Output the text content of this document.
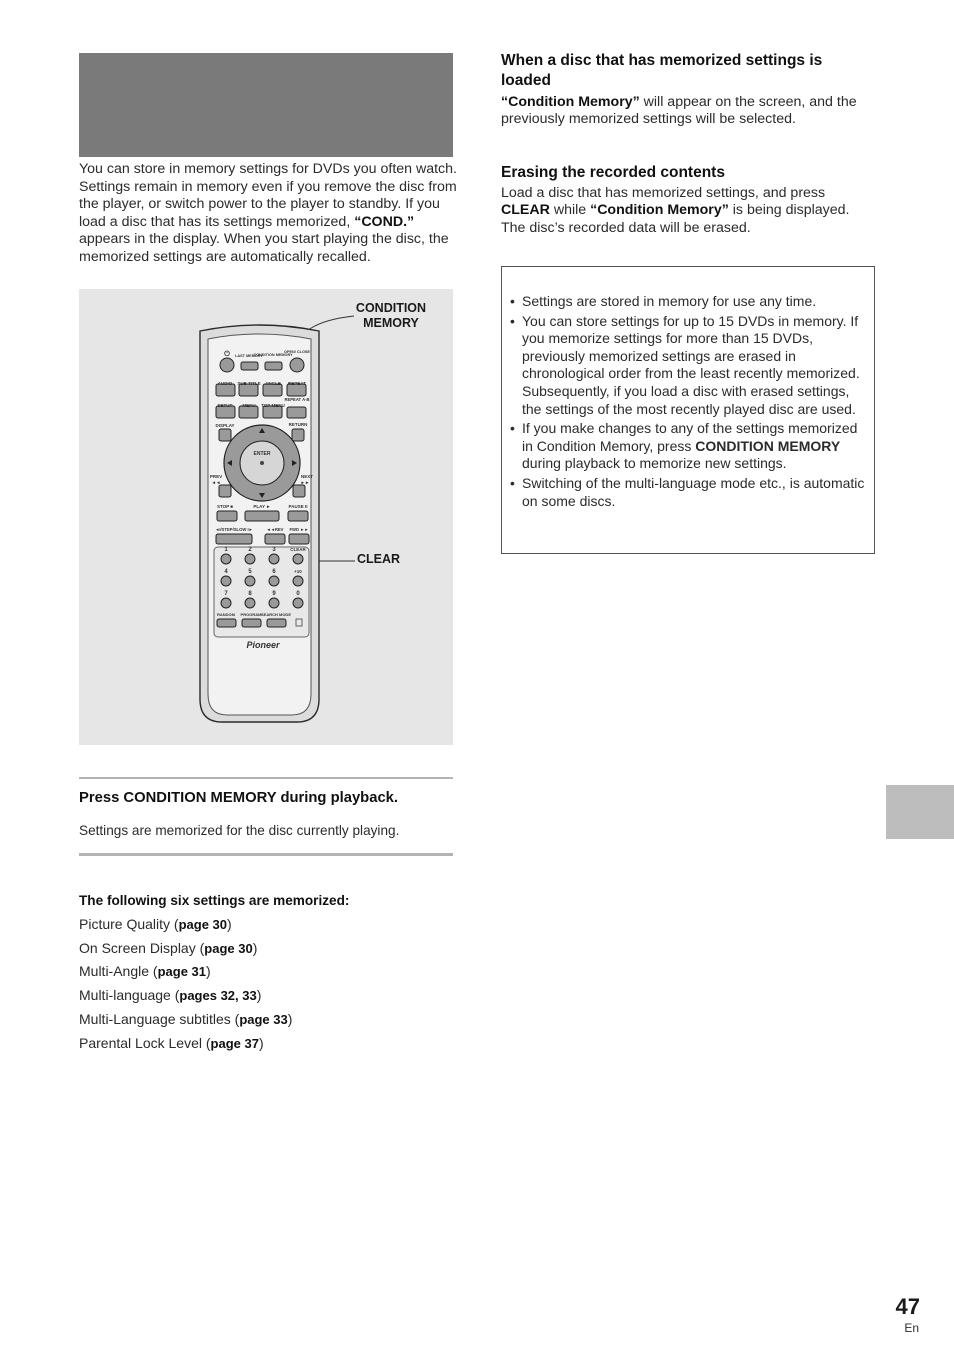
You can store in memory settings for DVDs you often watch. Settings remain in memory even if you remove the disc from the player, or switch power to the player to standby. If you load a disc that has its settings memorized, “COND.” appears in the display. When you start playing the disc, the memorized settings are automatically recalled.
CONDITION
MEMORY
CLEAR
⏻ LAST MEMORY
CONDITION MEMORY
OPEN/ CLOSE
AUDIO SUB TITLE ANGLE REPEAT
SETUP MENU TOP MENU
REPEAT A-B
DISPLAY	RETURN
ENTER
PREV
◄◄
NEXT
►►
STOP ■	PLAY ►	PAUSE II
◄I/STEP/SLOW I►	◄◄REV FWD ►►
1	2	3	CLEAR
4	5	6	+10
7	8	9	0
RANDOM PROGRAM SEARCH MODE
Pioneer
Press CONDITION MEMORY during playback.
Settings are memorized for the disc currently playing.
The following six settings are memorized:
Picture Quality (page 30)
On Screen Display (page 30)
Multi-Angle (page 31)
Multi-language (pages 32, 33)
Multi-Language subtitles (page 33)
Parental Lock Level (page 37)
When a disc that has memorized settings is loaded
“Condition Memory” will appear on the screen, and the previously memorized settings will be selected.
Erasing the recorded contents
Load a disc that has memorized settings, and press CLEAR while “Condition Memory” is being displayed. The disc’s recorded data will be erased.
• Settings are stored in memory for use any time.
• You can store settings for up to 15 DVDs in memory. If you memorize settings for more than 15 DVDs, previously memorized settings are erased in chronological order from the least recently memorized. Subsequently, if you load a disc with erased settings, the settings of the most recently played disc are used.
• If you make changes to any of the settings memorized in Condition Memory, press CONDITION MEMORY during playback to memorize new settings.
• Switching of the multi-language mode etc., is automatic on some discs.
47
En
